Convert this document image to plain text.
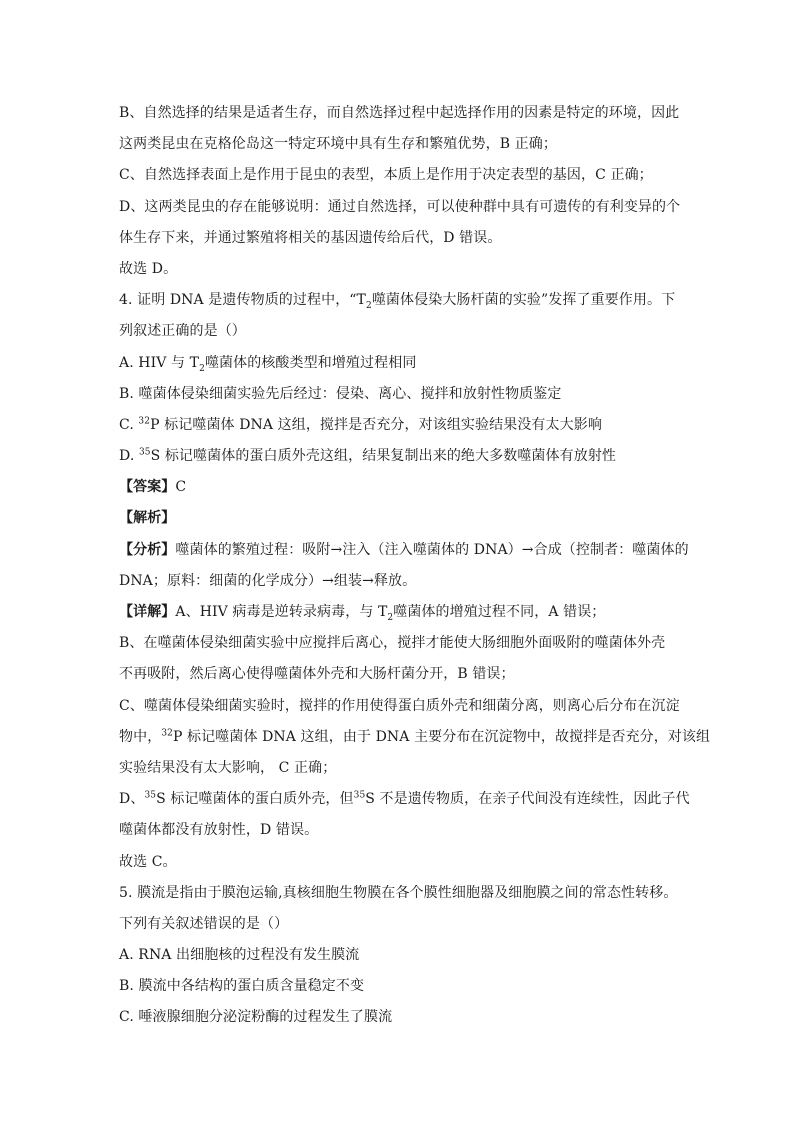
B、自然选择的结果是适者生存，而自然选择过程中起选择作用的因素是特定的环境，因此
这两类昆虫在克格伦岛这一特定环境中具有生存和繁殖优势，B 正确；
C、自然选择表面上是作用于昆虫的表型，本质上是作用于决定表型的基因，C 正确；
D、这两类昆虫的存在能够说明：通过自然选择，可以使种群中具有可遗传的有利变异的个
体生存下来，并通过繁殖将相关的基因遗传给后代，D 错误。
故选 D。
4. 证明 DNA 是遗传物质的过程中，“$T_2$噬菌体侵染大肠杆菌的实验”发挥了重要作用。下
列叙述正确的是（）
A. HIV 与 $T_2$噬菌体的核酸类型和增殖过程相同
B. 噬菌体侵染细菌实验先后经过：侵染、离心、搅拌和放射性物质鉴定
C. $^{32}$P 标记噬菌体 DNA 这组，搅拌是否充分，对该组实验结果没有太大影响
D. $^{35}$S 标记噬菌体的蛋白质外壳这组，结果复制出来的绝大多数噬菌体有放射性
【答案】C
【解析】
【分析】噬菌体的繁殖过程：吸附→注入（注入噬菌体的 DNA）→合成（控制者：噬菌体的
DNA；原料：细菌的化学成分）→组装→释放。
【详解】A、HIV 病毒是逆转录病毒，与 $T_2$噬菌体的增殖过程不同，A 错误；
B、在噬菌体侵染细菌实验中应搅拌后离心，搅拌才能使大肠细胞外面吸附的噬菌体外壳
不再吸附，然后离心使得噬菌体外壳和大肠杆菌分开，B 错误；
C、噬菌体侵染细菌实验时，搅拌的作用使得蛋白质外壳和细菌分离，则离心后分布在沉淀
物中，$^{32}$P 标记噬菌体 DNA 这组，由于 DNA 主要分布在沉淀物中，故搅拌是否充分，对该组
实验结果没有太大影响， C 正确；
D、$^{35}$S 标记噬菌体的蛋白质外壳，但$^{35}$S 不是遗传物质，在亲子代间没有连续性，因此子代
噬菌体都没有放射性，D 错误。
故选 C。
5. 膜流是指由于膜泡运输,真核细胞生物膜在各个膜性细胞器及细胞膜之间的常态性转移。
下列有关叙述错误的是（）
A. RNA 出细胞核的过程没有发生膜流
B. 膜流中各结构的蛋白质含量稳定不变
C. 唾液腺细胞分泌淀粉酶的过程发生了膜流
